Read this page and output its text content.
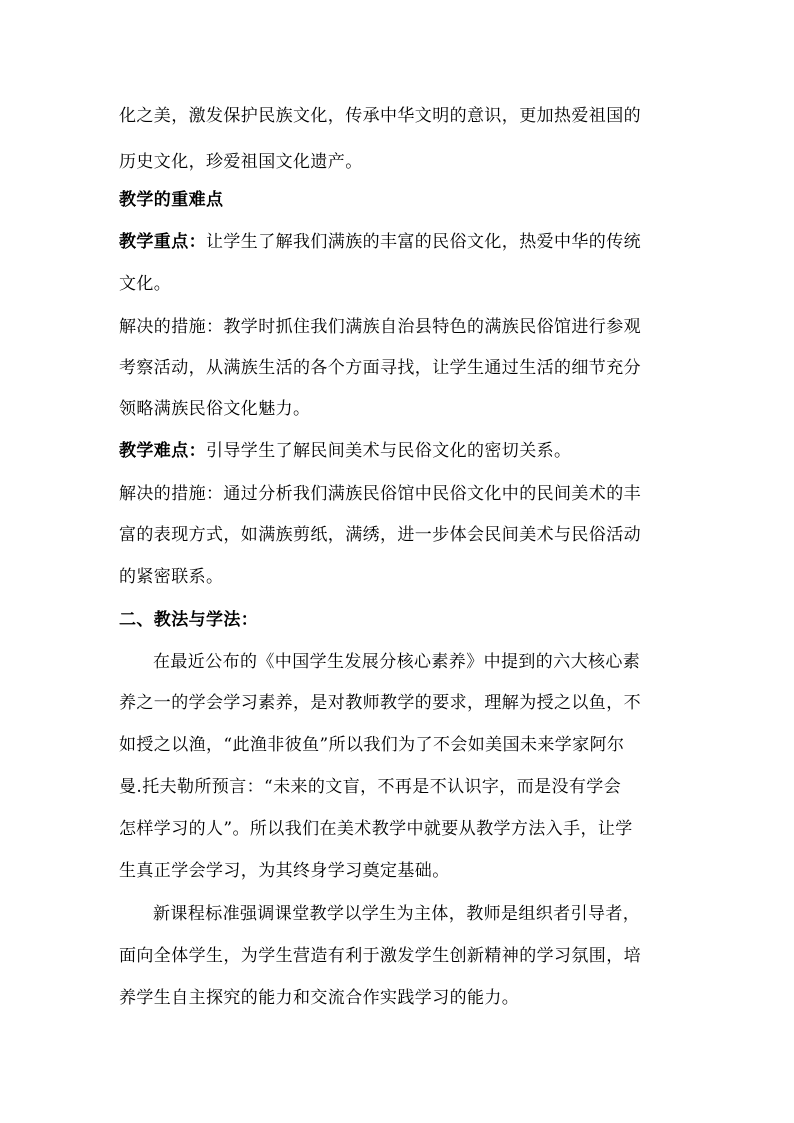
化之美，激发保护民族文化，传承中华文明的意识，更加热爱祖国的
历史文化，珍爱祖国文化遗产。
教学的重难点
教学重点：让学生了解我们满族的丰富的民俗文化，热爱中华的传统
文化。
解决的措施：教学时抓住我们满族自治县特色的满族民俗馆进行参观
考察活动，从满族生活的各个方面寻找，让学生通过生活的细节充分
领略满族民俗文化魅力。
教学难点：引导学生了解民间美术与民俗文化的密切关系。
解决的措施：通过分析我们满族民俗馆中民俗文化中的民间美术的丰
富的表现方式，如满族剪纸，满绣，进一步体会民间美术与民俗活动
的紧密联系。
二、教法与学法：
在最近公布的《中国学生发展分核心素养》中提到的六大核心素
养之一的学会学习素养，是对教师教学的要求，理解为授之以鱼，不
如授之以渔，“此渔非彼鱼”所以我们为了不会如美国未来学家阿尔
曼.托夫勒所预言：“未来的文盲，不再是不认识字，而是没有学会
怎样学习的人”。所以我们在美术教学中就要从教学方法入手，让学
生真正学会学习，为其终身学习奠定基础。
新课程标准强调课堂教学以学生为主体，教师是组织者引导者，
面向全体学生，为学生营造有利于激发学生创新精神的学习氛围，培
养学生自主探究的能力和交流合作实践学习的能力。
